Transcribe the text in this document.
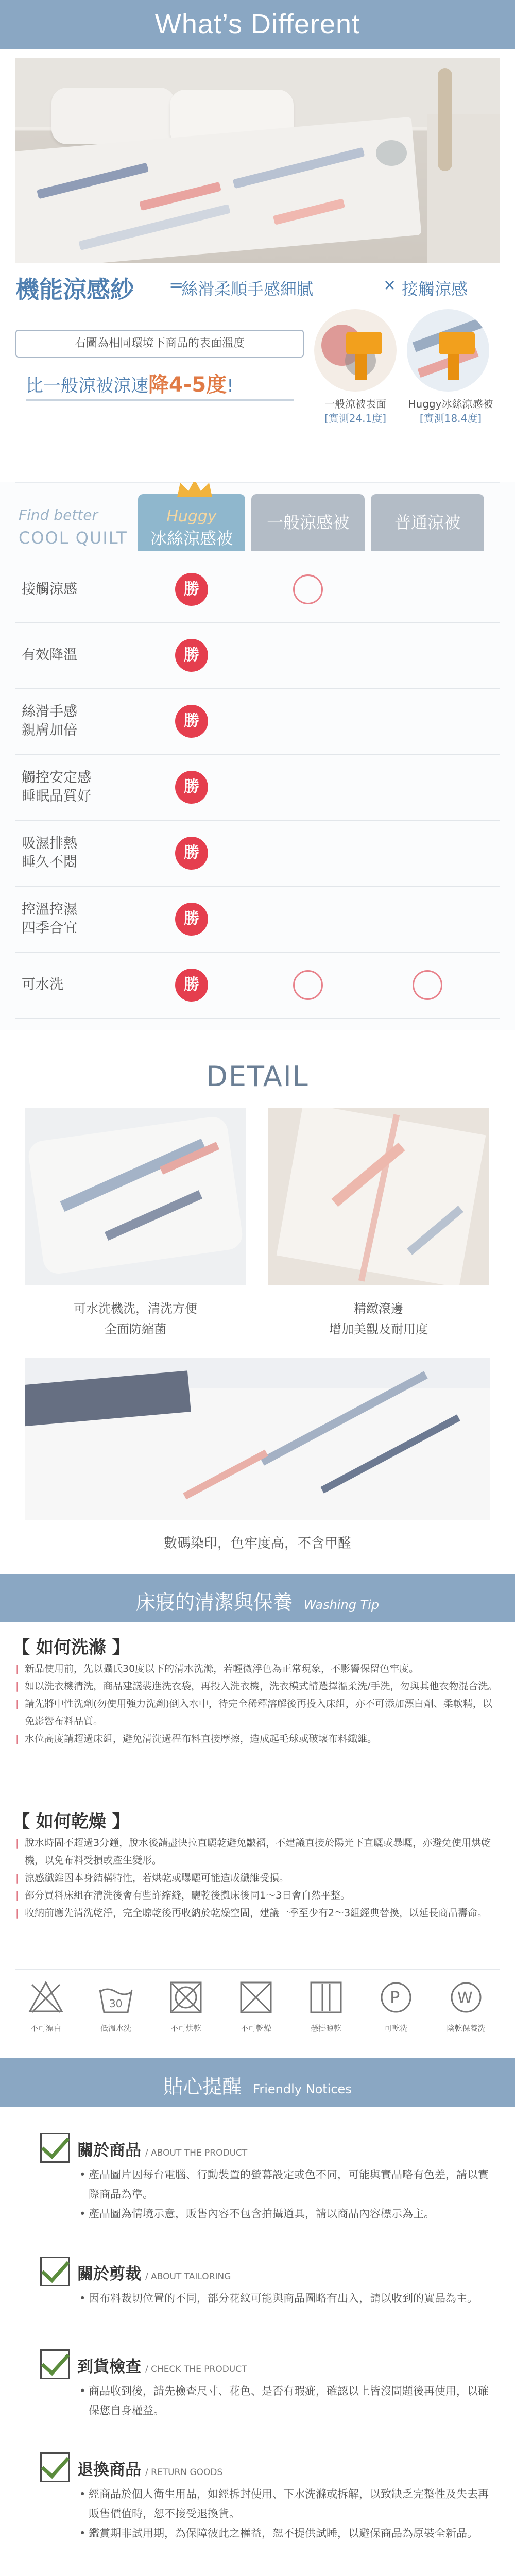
What’s Different
機能涼感紗 =
絲滑柔順手感細膩	× 接觸涼感
右圖為相同環境下商品的表面溫度
比一般涼被涼速降4-5度!
一般涼被表面
[實測24.1度]
Huggy冰絲涼感被
[實測18.4度]
Find better
COOL QUILT
Huggy
冰絲涼感被
一般涼感被	普通涼被
接觸涼感	勝
有效降溫	勝
絲滑手感
親膚加倍
勝
觸控安定感
睡眠品質好
勝
吸濕排熱
睡久不悶
勝
控溫控濕
四季合宜
勝
可水洗	勝
DETAIL
可水洗機洗，清洗方便
全面防縮菌
精緻滾邊
增加美觀及耐用度
數碼染印，色牢度高，不含甲醛
床寢的清潔與保養 Washing Tip
【 如何洗滌 】
| 新品使用前，先以攝氏30度以下的清水洗滌，若輕微浮色為正常現象，不影響保留色牢度。
| 如以洗衣機清洗，商品建議裝進洗衣袋，再投入洗衣機，洗衣模式請選擇溫柔洗/手洗，勿與其他衣物混合洗。
| 請先將中性洗劑(勿使用強力洗劑)倒入水中，待完全稀釋溶解後再投入床組，亦不可添加漂白劑、柔軟精，以免影響布料品質。
| 水位高度請超過床組，避免清洗過程布料直接摩擦，造成起毛球或破壞布料纖維。
【 如何乾燥 】
| 脫水時間不超過3分鐘，脫水後請盡快拉直曬乾避免皺褶，不建議直接於陽光下直曬或暴曬，亦避免使用烘乾機，以免布料受損或產生變形。
| 涼感纖維因本身結構特性，若烘乾或曝曬可能造成纖維受損。
| 部分買料床組在清洗後會有些許縮縫，曬乾後攤床後同1～3日會自然平整。
| 收納前應先清洗乾淨，完全晾乾後再收納於乾燥空間，建議一季至少有2～3組經典替換，以延長商品壽命。
不可漂白
30
低溫水洗	不可烘乾	不可乾燥	懸掛晾乾
P
可乾洗
W
陰乾保養洗
貼心提醒 Friendly Notices
關於商品 / ABOUT THE PRODUCT
• 產品圖片因每台電腦、行動裝置的螢幕設定或色不同，可能與實品略有色差，請以實際商品為準。
• 產品圖為情境示意，販售內容不包含拍攝道具，請以商品內容標示為主。
關於剪裁 / ABOUT TAILORING
• 因布料裁切位置的不同，部分花紋可能與商品圖略有出入，請以收到的實品為主。
到貨檢查 / CHECK THE PRODUCT
• 商品收到後，請先檢查尺寸、花色、是否有瑕疵，確認以上皆沒問題後再使用，以確保您自身權益。
退換商品 / RETURN GOODS
• 經商品於個人衛生用品，如經拆封使用、下水洗滌或拆解，以致缺乏完整性及失去再販售價值時，恕不接受退換貨。
• 鑑賞期非試用期，為保障彼此之權益，恕不提供試睡，以避保商品為原裝全新品。
